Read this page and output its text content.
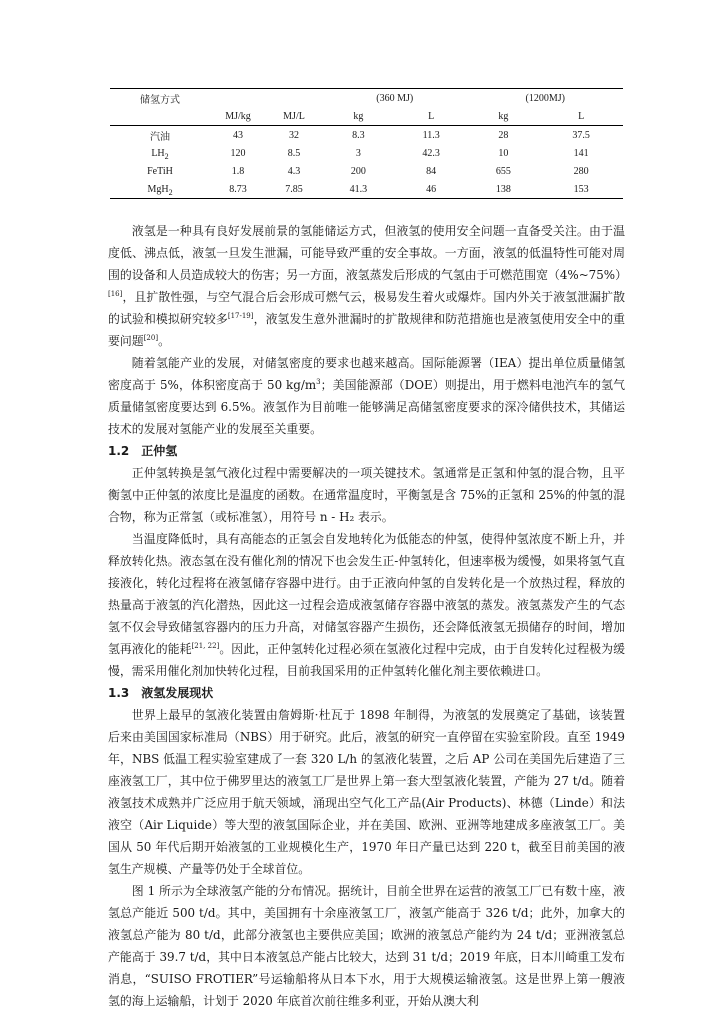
储氢方式			(360 MJ)		(1200MJ)	
	MJ/kg	MJ/L	kg	L	kg	L
汽油	43	32	8.3	11.3	28	37.5
$LH_2$	120	8.5	3	42.3	10	141
FeTiH	1.8	4.3	200	84	655	280
MgH$_2$	8.73	7.85	41.3	46	138	153

液氢是一种具有良好发展前景的氢能储运方式，但液氢的使用安全问题一直备受关注。由于温度低、沸点低，液氢一旦发生泄漏，可能导致严重的安全事故。一方面，液氢的低温特性可能对周围的设备和人员造成较大的伤害；另一方面，液氢蒸发后形成的气氢由于可燃范围宽（4%~75%）[16]，且扩散性强，与空气混合后会形成可燃气云，极易发生着火或爆炸。国内外关于液氢泄漏扩散的试验和模拟研究较多[17-19]，液氢发生意外泄漏时的扩散规律和防范措施也是液氢使用安全中的重要问题[20]。

随着氢能产业的发展，对储氢密度的要求也越来越高。国际能源署（IEA）提出单位质量储氢密度高于 5%，体积密度高于 50 $kg/m^3$；美国能源部（DOE）则提出，用于燃料电池汽车的氢气质量储氢密度要达到 6.5%。液氢作为目前唯一能够满足高储氢密度要求的深冷储供技术，其储运技术的发展对氢能产业的发展至关重要。

1.2　正仲氢

正仲氢转换是氢气液化过程中需要解决的一项关键技术。氢通常是正氢和仲氢的混合物，且平衡氢中正仲氢的浓度比是温度的函数。在通常温度时，平衡氢是含 75%的正氢和 25%的仲氢的混合物，称为正常氢（或标准氢），用符号 n - H₂ 表示。

当温度降低时，具有高能态的正氢会自发地转化为低能态的仲氢，使得仲氢浓度不断上升，并释放转化热。液态氢在没有催化剂的情况下也会发生正-仲氢转化，但速率极为缓慢，如果将氢气直接液化，转化过程将在液氢储存容器中进行。由于正液向仲氢的自发转化是一个放热过程，释放的热量高于液氢的汽化潜热，因此这一过程会造成液氢储存容器中液氢的蒸发。液氢蒸发产生的气态氢不仅会导致储氢容器内的压力升高，对储氢容器产生损伤，还会降低液氢无损储存的时间，增加氢再液化的能耗[21, 22]。因此，正仲氢转化过程必须在氢液化过程中完成，由于自发转化过程极为缓慢，需采用催化剂加快转化过程，目前我国采用的正仲氢转化催化剂主要依赖进口。

1.3　液氢发展现状

世界上最早的氢液化装置由詹姆斯·杜瓦于 1898 年制得，为液氢的发展奠定了基础，该装置后来由美国国家标准局（NBS）用于研究。此后，液氢的研究一直停留在实验室阶段。直至 1949 年，NBS 低温工程实验室建成了一套 320 L/h 的氢液化装置，之后 AP 公司在美国先后建造了三座液氢工厂，其中位于佛罗里达的液氢工厂是世界上第一套大型氢液化装置，产能为 27 t/d。随着液氢技术成熟并广泛应用于航天领域，涌现出空气化工产品(Air Products)、林德（Linde）和法液空（Air Liquide）等大型的液氢国际企业，并在美国、欧洲、亚洲等地建成多座液氢工厂。美国从 50 年代后期开始液氢的工业规模化生产，1970 年日产量已达到 220 t，截至目前美国的液氢生产规模、产量等仍处于全球首位。

图 1 所示为全球液氢产能的分布情况。据统计，目前全世界在运营的液氢工厂已有数十座，液氢总产能近 500 t/d。其中，美国拥有十余座液氢工厂，液氢产能高于 326 t/d；此外，加拿大的液氢总产能为 80 t/d，此部分液氢也主要供应美国；欧洲的液氢总产能约为 24 t/d；亚洲液氢总产能高于 39.7 t/d，其中日本液氢总产能占比较大，达到 31 t/d；2019 年底，日本川崎重工发布消息，“SUISO FROTIER”号运输船将从日本下水，用于大规模运输液氢。这是世界上第一艘液氢的海上运输船，计划于 2020 年底首次前往维多利亚，开始从澳大利
